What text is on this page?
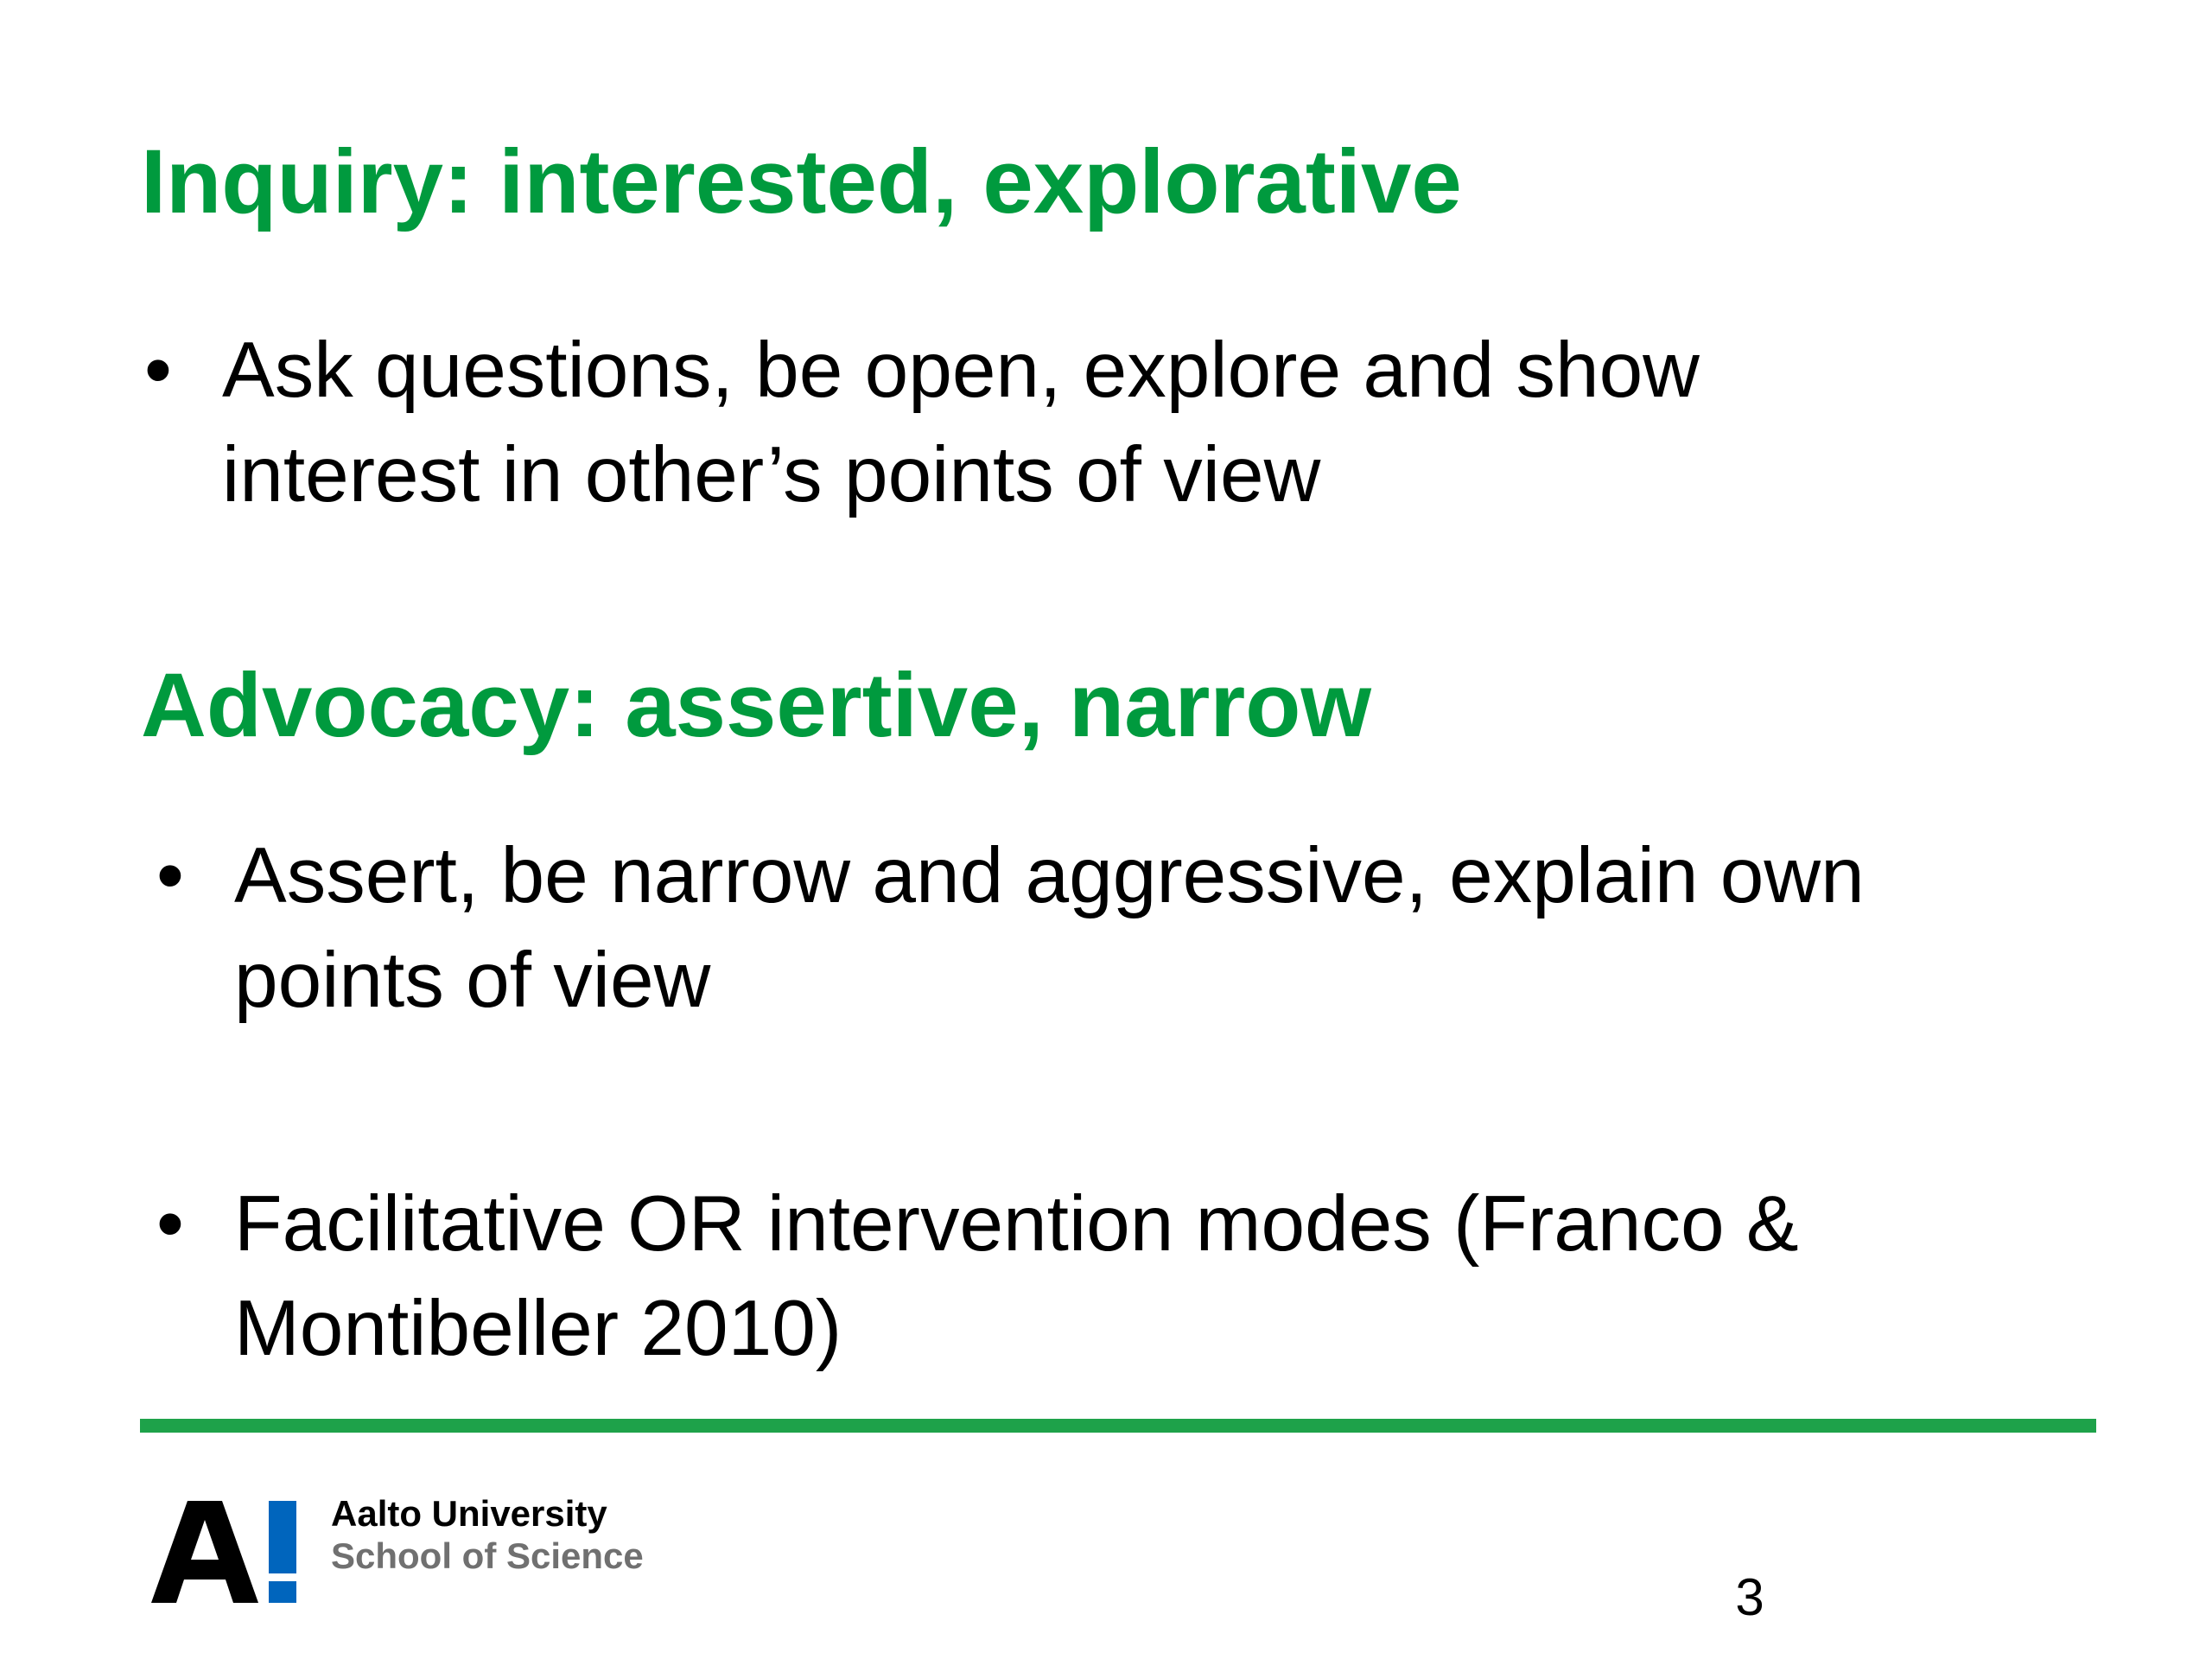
Inquiry: interested, explorative
• Ask questions, be open, explore and show
interest in other’s points of view
Advocacy: assertive, narrow
• Assert, be narrow and aggressive, explain own
points of view
• Facilitative OR intervention modes (Franco &
Montibeller 2010)
Aalto University
School of Science
3
